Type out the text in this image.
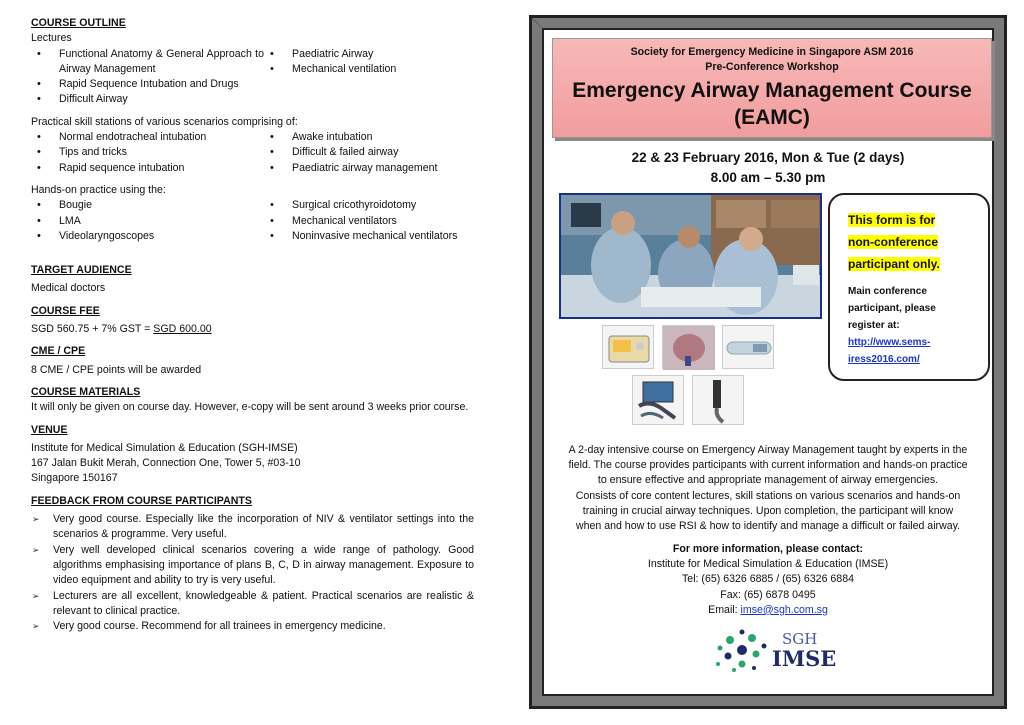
COURSE OUTLINE
Lectures
• Functional Anatomy & General Approach to Airway Management
• Rapid Sequence Intubation and Drugs
• Difficult Airway
• Paediatric Airway
• Mechanical ventilation
Practical skill stations of various scenarios comprising of:
• Normal endotracheal intubation
• Tips and tricks
• Rapid sequence intubation
• Awake intubation
• Difficult & failed airway
• Paediatric airway management
Hands-on practice using the:
• Bougie
• LMA
• Videolaryngoscopes
• Surgical cricothyroidotomy
• Mechanical ventilators
• Noninvasive mechanical ventilators
TARGET AUDIENCE
Medical doctors
COURSE FEE
SGD 560.75 + 7% GST = SGD 600.00
CME / CPE
8 CME / CPE points will be awarded
COURSE MATERIALS
It will only be given on course day. However, e-copy will be sent around 3 weeks prior course.
VENUE
Institute for Medical Simulation & Education (SGH-IMSE)
167 Jalan Bukit Merah, Connection One, Tower 5, #03-10
Singapore 150167
FEEDBACK FROM COURSE PARTICIPANTS
➢ Very good course. Especially like the incorporation of NIV & ventilator settings into the scenarios & programme. Very useful.
➢ Very well developed clinical scenarios covering a wide range of pathology. Good algorithms emphasising importance of plans B, C, D in airway management. Exposure to video equipment and ability to try is very useful.
➢ Lecturers are all excellent, knowledgeable & patient. Practical scenarios are realistic & relevant to clinical practice.
➢ Very good course. Recommend for all trainees in emergency medicine.
Society for Emergency Medicine in Singapore ASM 2016
Pre-Conference Workshop
Emergency Airway Management Course
(EAMC)
22 & 23 February 2016, Mon & Tue (2 days)
8.00 am – 5.30 pm
This form is for
non-conference
participant only.
Main conference
participant, please
register at:
http://www.sems-
iress2016.com/
A 2-day intensive course on Emergency Airway Management taught by experts in the
field. The course provides participants with current information and hands-on practice
to ensure effective and appropriate management of airway emergencies.
Consists of core content lectures, skill stations on various scenarios and hands-on
training in crucial airway techniques. Upon completion, the participant will know
when and how to use RSI & how to identify and manage a difficult or failed airway.
For more information, please contact:
Institute for Medical Simulation & Education (IMSE)
Tel: (65) 6326 6885 / (65) 6326 6884
Fax: (65) 6878 0495
Email: imse@sgh.com.sg
SGH
IMSE
